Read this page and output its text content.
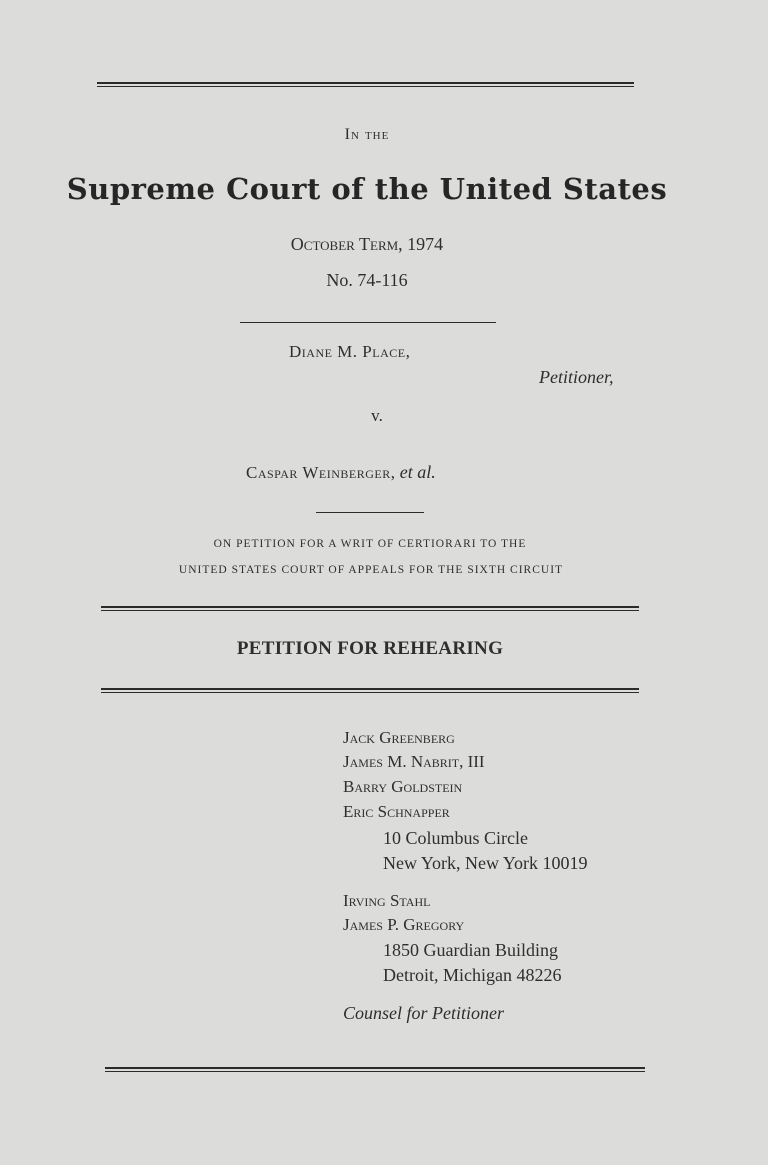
In the
Supreme Court of the United States
October Term, 1974
No. 74-116
Diane M. Place,
Petitioner,
v.
Caspar Weinberger, et al.
ON PETITION FOR A WRIT OF CERTIORARI TO THE
UNITED STATES COURT OF APPEALS FOR THE SIXTH CIRCUIT
PETITION FOR REHEARING
Jack Greenberg
James M. Nabrit, III
Barry Goldstein
Eric Schnapper
10 Columbus Circle
New York, New York 10019
Irving Stahl
James P. Gregory
1850 Guardian Building
Detroit, Michigan 48226
Counsel for Petitioner
